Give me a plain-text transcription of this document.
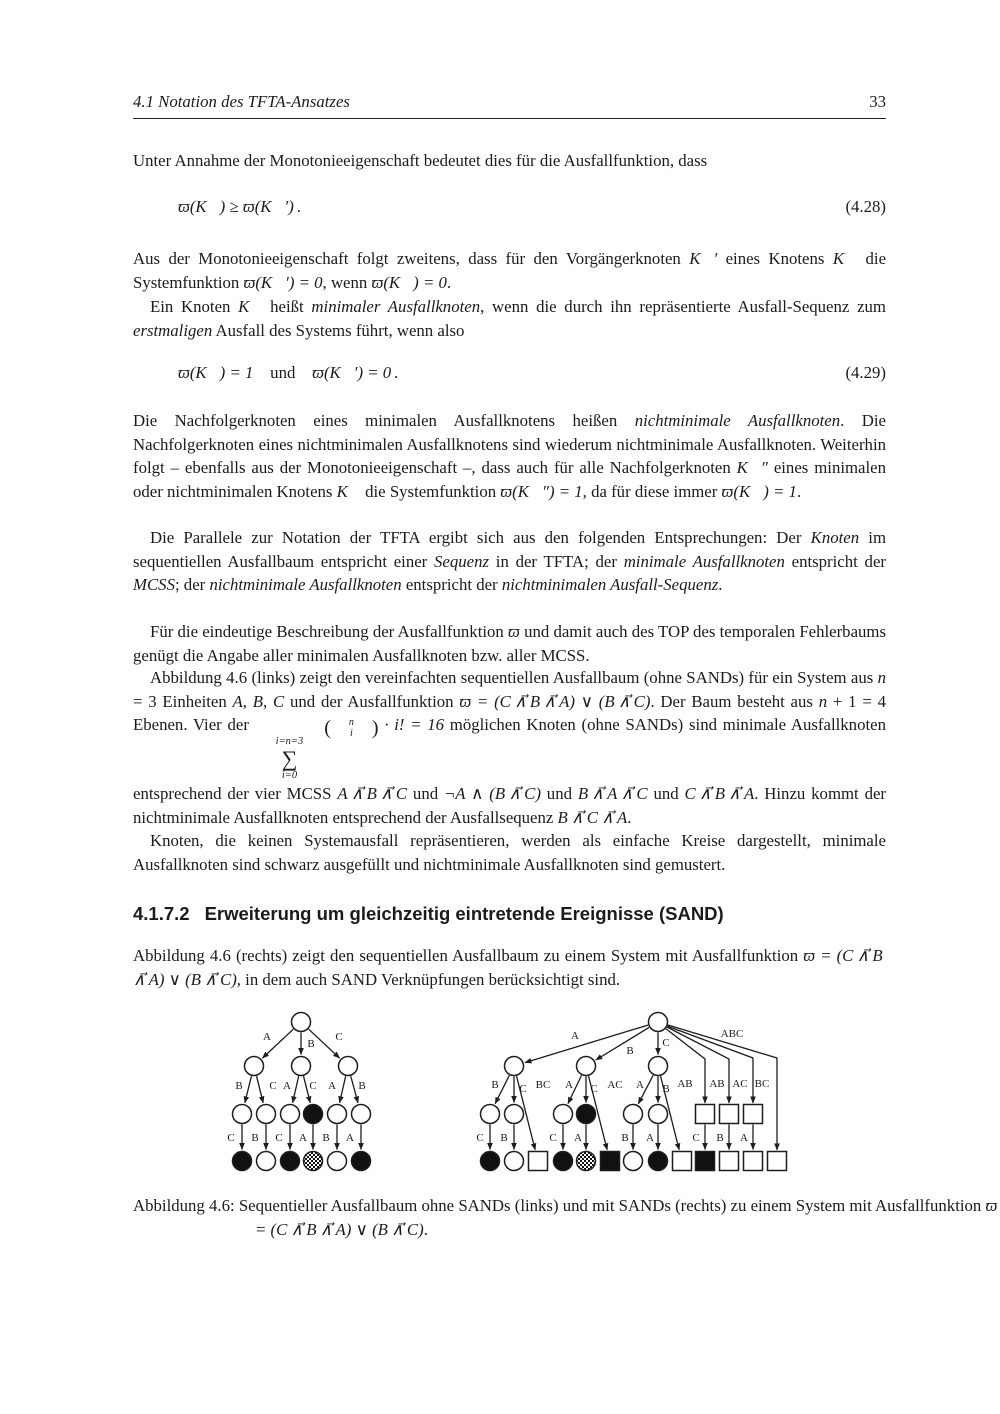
4.1 Notation des TFTA-Ansatzes	33
Unter Annahme der Monotonieeigenschaft bedeutet dies für die Ausfallfunktion, dass
ϖ(K⃗) ≥ ϖ(K⃗′) .	(4.28)
Aus der Monotonieeigenschaft folgt zweitens, dass für den Vorgängerknoten K⃗′ eines Knotens K⃗ die Systemfunktion ϖ(K⃗′) = 0, wenn ϖ(K⃗) = 0.
Ein Knoten K⃗ heißt minimaler Ausfallknoten, wenn die durch ihn repräsentierte Ausfall-Sequenz zum erstmaligen Ausfall des Systems führt, wenn also
ϖ(K⃗) = 1  und  ϖ(K⃗′) = 0 .	(4.29)
Die Nachfolgerknoten eines minimalen Ausfallknotens heißen nichtminimale Ausfallknoten. Die Nachfolgerknoten eines nichtminimalen Ausfallknotens sind wiederum nichtminimale Ausfallknoten. Weiterhin folgt – ebenfalls aus der Monotonieeigenschaft –, dass auch für alle Nachfolgerknoten K⃗″ eines minimalen oder nichtminimalen Knotens K⃗ die Systemfunktion ϖ(K⃗″) = 1, da für diese immer ϖ(K⃗) = 1.
Die Parallele zur Notation der TFTA ergibt sich aus den folgenden Entsprechungen: Der Knoten im sequentiellen Ausfallbaum entspricht einer Sequenz in der TFTA; der minimale Ausfallknoten entspricht der MCSS; der nichtminimale Ausfallknoten entspricht der nichtminimalen Ausfall-Sequenz.
Für die eindeutige Beschreibung der Ausfallfunktion ϖ und damit auch des TOP des temporalen Fehlerbaums genügt die Angabe aller minimalen Ausfallknoten bzw. aller MCSS.
Abbildung 4.6 (links) zeigt den vereinfachten sequentiellen Ausfallbaum (ohne SANDs) für ein System aus n = 3 Einheiten A, B, C und der Ausfallfunktion ϖ = (C ∧⃗ B ∧⃗ A) ∨ (B ∧⃗ C). Der Baum besteht aus n + 1 = 4 Ebenen. Vier der
i=n=3
∑
i=0
(	n
i ) · i! = 16 möglichen Knoten (ohne SANDs) sind minimale Ausfallknoten entsprechend der vier MCSS A ∧⃗ B ∧⃗ C und ¬A ∧ (B ∧⃗ C) und B ∧⃗ A ∧⃗ C und C ∧⃗ B ∧⃗ A. Hinzu kommt der nichtminimale Ausfallknoten entsprechend der Ausfallsequenz B ∧⃗ C ∧⃗ A.
Knoten, die keinen Systemausfall repräsentieren, werden als einfache Kreise dargestellt, minimale Ausfallknoten sind schwarz ausgefüllt und nichtminimale Ausfallknoten sind gemustert.
4.1.7.2 Erweiterung um gleichzeitig eintretende Ereignisse (SAND)
Abbildung 4.6 (rechts) zeigt den sequentiellen Ausfallbaum zu einem System mit Ausfallfunktion ϖ = (C ∧⃗ B ∧⃗ A) ∨ (B ∧⃗ C), in dem auch SAND Verknüpfungen berücksichtigt sind.
A
B
C
B C A C A B
C B C A B A
A
B
C
AB AC BC
ABC
B C BC A C AC A B AB
C B	C A	B A	C B A
Abbildung 4.6: Sequentieller Ausfallbaum ohne SANDs (links) und mit SANDs (rechts) zu einem System mit Ausfallfunktion ϖ = (C ∧⃗ B ∧⃗ A) ∨ (B ∧⃗ C).
